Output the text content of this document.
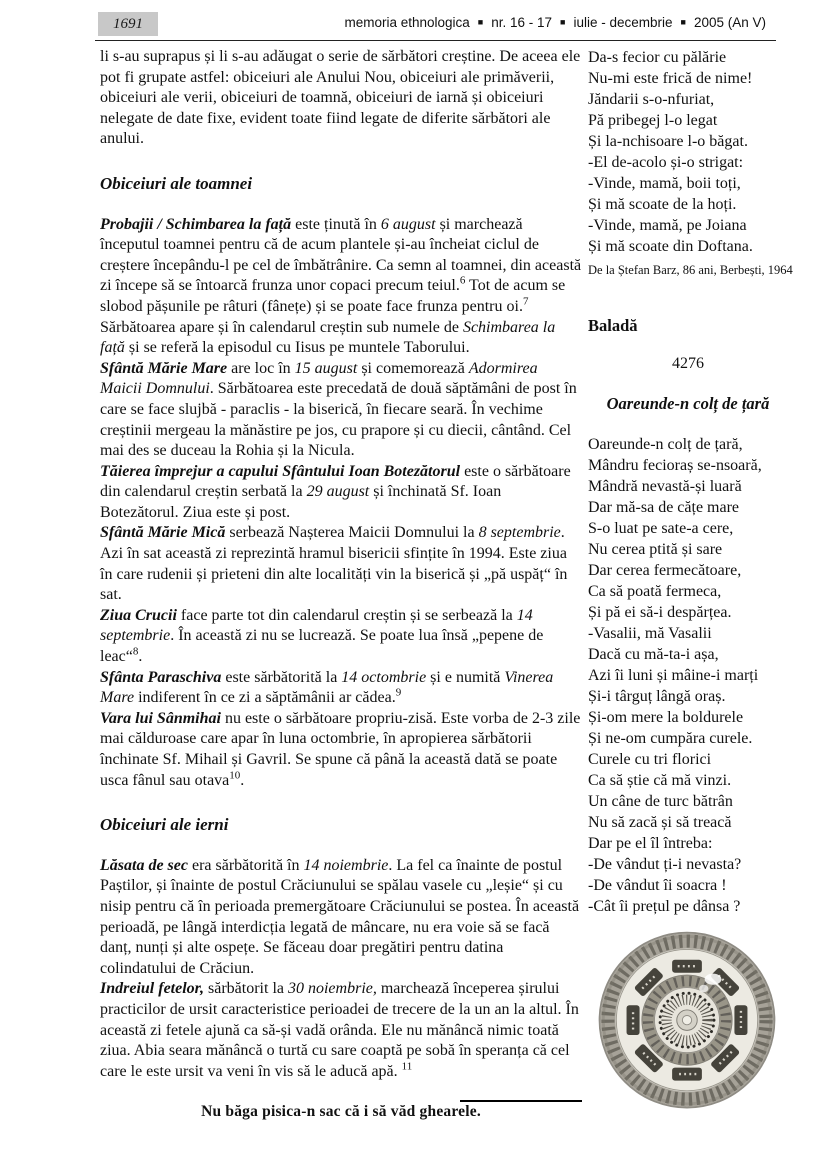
1691	memoria ethnologica ■ nr. 16 - 17 ■ iulie - decembrie ■ 2005 (An V)

li s-au suprapus și li s-au adăugat o serie de sărbători creștine. De aceea ele pot fi grupate astfel: obiceiuri ale Anului Nou, obiceiuri ale primăverii, obiceiuri ale verii, obiceiuri de toamnă, obiceiuri de iarnă și obiceiuri nelegate de date fixe, evident toate fiind legate de diferite sărbători ale anului.

Obiceiuri ale toamnei

Probajii / Schimbarea la față este ținută în 6 august și marchează începutul toamnei pentru că de acum plantele și-au încheiat ciclul de creștere începându-l pe cel de îmbătrânire. Ca semn al toamnei, din această zi începe să se întoarcă frunza unor copaci precum teiul.$^6$ Tot de acum se slobod pășunile pe râturi (fânețe) și se poate face frunza pentru oi.$^7$ Sărbătoarea apare și în calendarul creștin sub numele de Schimbarea la față și se referă la episodul cu Iisus pe muntele Taborului.

Sfântă Mărie Mare are loc în 15 august și comemorează Adormirea Maicii Domnului. Sărbătoarea este precedată de două săptămâni de post în care se face slujbă - paraclis - la biserică, în fiecare seară. În vechime creștinii mergeau la mănăstire pe jos, cu prapore și cu diecii, cântând. Cel mai des se duceau la Rohia și la Nicula.

Tăierea împrejur a capului Sfântului Ioan Botezătorul este o sărbătoare din calendarul creștin serbată la 29 august și închinată Sf. Ioan Botezătorul. Ziua este și post.

Sfântă Mărie Mică serbează Nașterea Maicii Domnului la 8 septembrie. Azi în sat această zi reprezintă hramul bisericii sfințite în 1994. Este ziua în care rudenii și prieteni din alte localități vin la biserică și „pă uspăț“ în sat.

Ziua Crucii face parte tot din calendarul creștin și se serbează la 14 septembrie. În această zi nu se lucrează. Se poate lua însă „pepene de leac“$^8$.

Sfânta Paraschiva este sărbătorită la 14 octombrie și e numită Vinerea Mare indiferent în ce zi a săptămânii ar cădea.$^9$

Vara lui Sânmihai nu este o sărbătoare propriu-zisă. Este vorba de 2-3 zile mai călduroase care apar în luna octombrie, în apropierea sărbătorii închinate Sf. Mihail și Gavril. Se spune că până la această dată se poate usca fânul sau otava$^{10}$.

Obiceiuri ale ierni

Lăsata de sec era sărbătorită în 14 noiembrie. La fel ca înainte de postul Paștilor, și înainte de postul Crăciunului se spălau vasele cu „leșie“ și cu nisip pentru că în perioada premergătoare Crăciunului se postea. În această perioadă, pe lângă interdicția legată de mâncare, nu era voie să se facă danț, nunți și alte ospețe. Se făceau doar pregătiri pentru datina colindatului de Crăciun.

Indreiul fetelor, sărbătorit la 30 noiembrie, marchează începerea șirului practicilor de ursit caracteristice perioadei de trecere de la un an la altul. În această zi fetele ajună ca să-și vadă orânda. Ele nu mănâncă nimic toată ziua. Abia seara mănâncă o turtă cu sare coaptă pe sobă în speranța că cel care le este ursit va veni în vis să le aducă apă. $^{11}$

Nu băga pisica-n sac că i să văd ghearele.

Da-s fecior cu pălărie
Nu-mi este frică de nime!
Jăndarii s-o-nfuriat,
Pă pribegej l-o legat
Și la-nchisoare l-o băgat.
-El de-acolo și-o strigat:
-Vinde, mamă, boii toți,
Și mă scoate de la hoți.
-Vinde, mamă, pe Joiana
Și mă scoate din Doftana.
De la Ștefan Barz, 86 ani, Berbești, 1964
Baladă
4276
Oareunde-n colț de țară
Oareunde-n colț de țară,
Mândru fecioraș se-nsoară,
Mândră nevastă-și luară
Dar mă-sa de cățe mare
S-o luat pe sate-a cere,
Nu cerea ptită și sare
Dar cerea fermecătoare,
Ca să poată fermeca,
Și pă ei să-i despărțea.
-Vasalii, mă Vasalii
Dacă cu mă-ta-i așa,
Azi îi luni și mâine-i marți
Și-i târguț lângă oraș.
Și-om mere la boldurele
Și ne-om cumpăra curele.
Curele cu tri florici
Ca să știe că mă vinzi.
Un câne de turc bătrân
Nu să zacă și să treacă
Dar pe el îl întreba:
-De vândut ți-i nevasta?
-De vândut îi soacra !
-Cât îi prețul pe dânsa ?
